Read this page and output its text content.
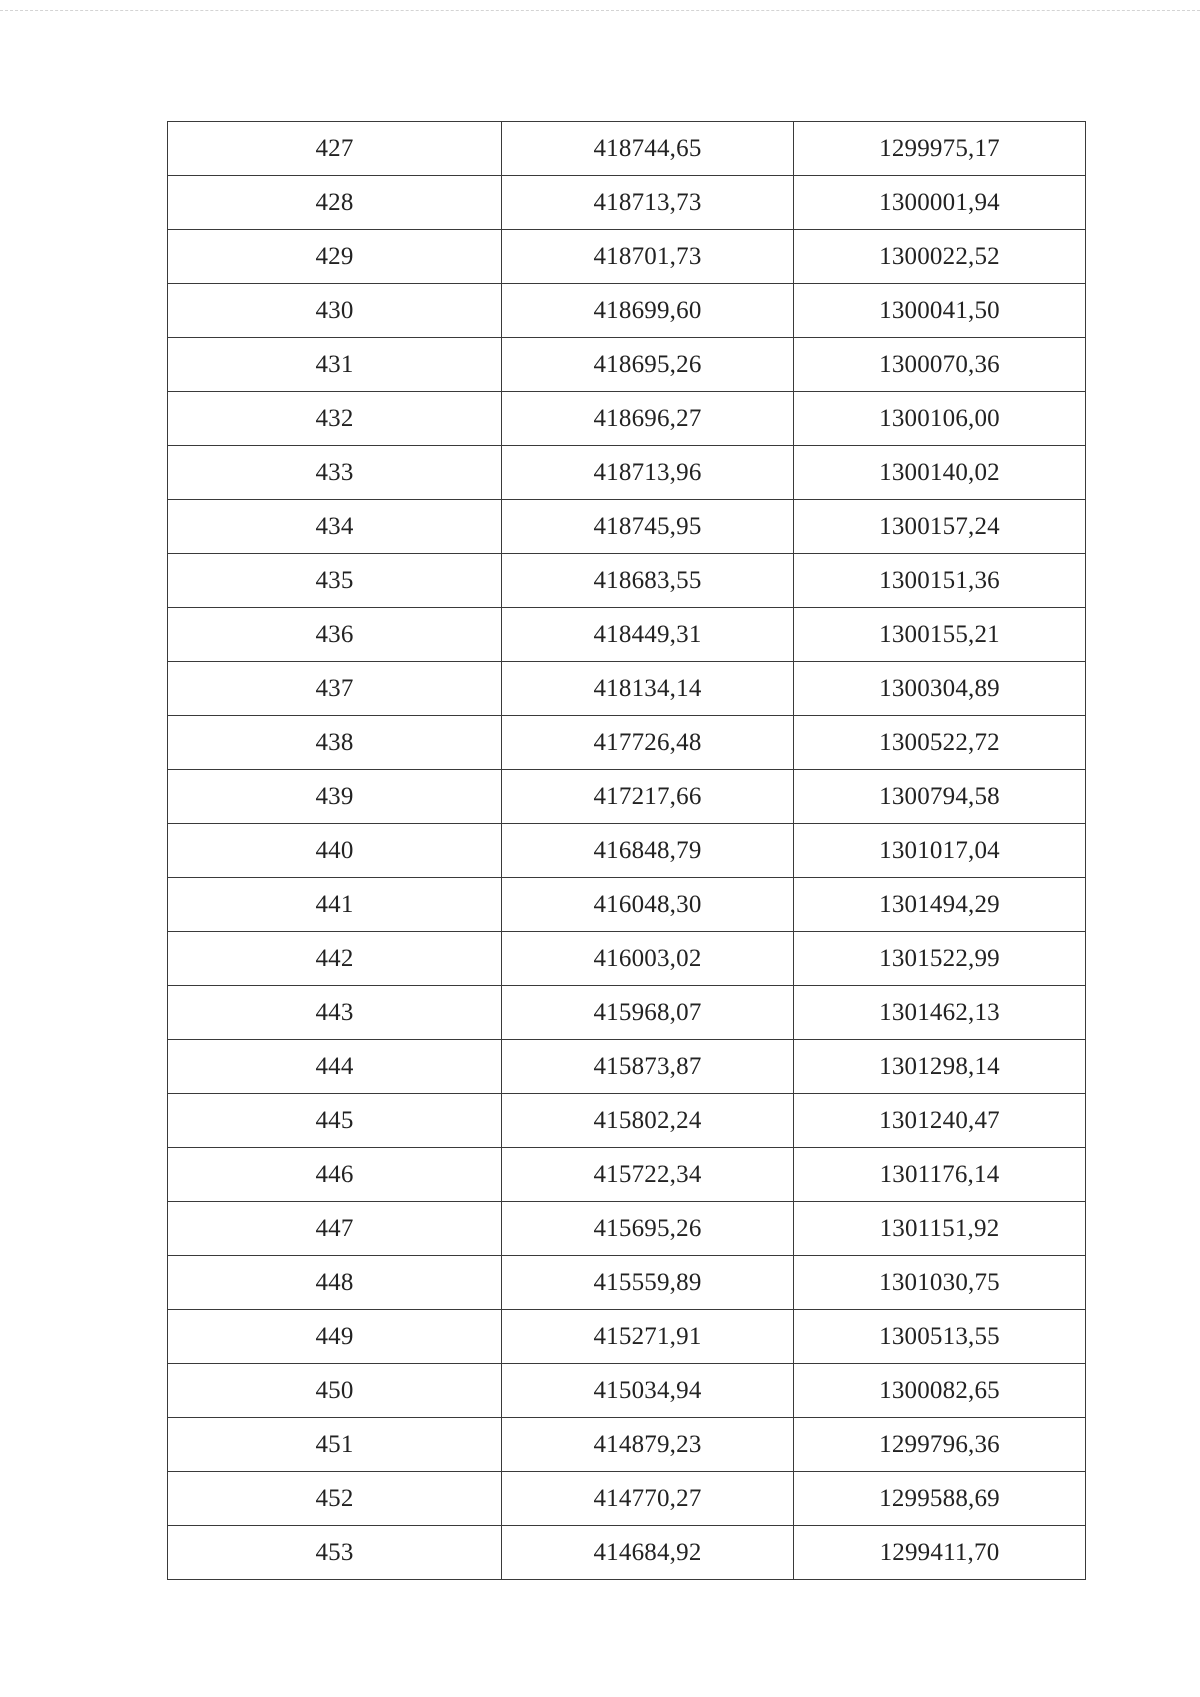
427	418744,65	1299975,17
428	418713,73	1300001,94
429	418701,73	1300022,52
430	418699,60	1300041,50
431	418695,26	1300070,36
432	418696,27	1300106,00
433	418713,96	1300140,02
434	418745,95	1300157,24
435	418683,55	1300151,36
436	418449,31	1300155,21
437	418134,14	1300304,89
438	417726,48	1300522,72
439	417217,66	1300794,58
440	416848,79	1301017,04
441	416048,30	1301494,29
442	416003,02	1301522,99
443	415968,07	1301462,13
444	415873,87	1301298,14
445	415802,24	1301240,47
446	415722,34	1301176,14
447	415695,26	1301151,92
448	415559,89	1301030,75
449	415271,91	1300513,55
450	415034,94	1300082,65
451	414879,23	1299796,36
452	414770,27	1299588,69
453	414684,92	1299411,70
